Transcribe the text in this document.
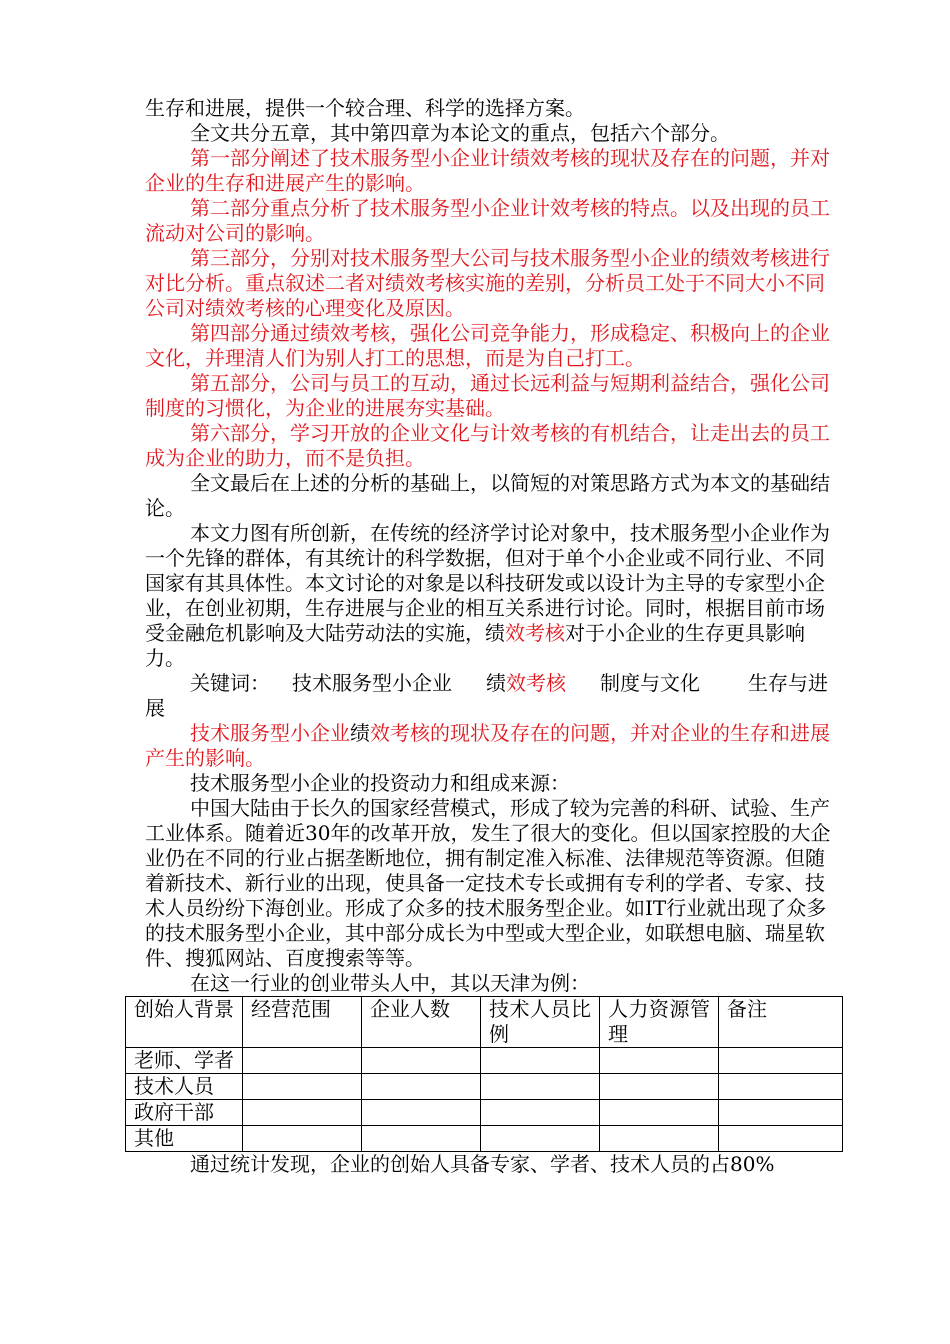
生存和进展，提供一个较合理、科学的选择方案。

全文共分五章，其中第四章为本论文的重点，包括六个部分。

第一部分阐述了技术服务型小企业计绩效考核的现状及存在的问题，并对企业的生存和进展产生的影响。

第二部分重点分析了技术服务型小企业计效考核的特点。以及出现的员工流动对公司的影响。

第三部分，分别对技术服务型大公司与技术服务型小企业的绩效考核进行对比分析。重点叙述二者对绩效考核实施的差别，分析员工处于不同大小不同公司对绩效考核的心理变化及原因。

第四部分通过绩效考核，强化公司竞争能力，形成稳定、积极向上的企业文化，并理清人们为别人打工的思想，而是为自己打工。

第五部分，公司与员工的互动，通过长远利益与短期利益结合，强化公司制度的习惯化，为企业的进展夯实基础。

第六部分，学习开放的企业文化与计效考核的有机结合，让走出去的员工成为企业的助力，而不是负担。

全文最后在上述的分析的基础上，以简短的对策思路方式为本文的基础结论。

本文力图有所创新，在传统的经济学讨论对象中，技术服务型小企业作为一个先锋的群体，有其统计的科学数据，但对于单个小企业或不同行业、不同国家有其具体性。本文讨论的对象是以科技研发或以设计为主导的专家型小企业，在创业初期，生存进展与企业的相互关系进行讨论。同时，根据目前市场受金融危机影响及大陆劳动法的实施，绩效考核对于小企业的生存更具影响力。

关键词： 技术服务型小企业 绩效考核 制度与文化 生存与进展

技术服务型小企业绩效考核的现状及存在的问题，并对企业的生存和进展产生的影响。

技术服务型小企业的投资动力和组成来源：

中国大陆由于长久的国家经营模式，形成了较为完善的科研、试验、生产工业体系。随着近30年的改革开放，发生了很大的变化。但以国家控股的大企业仍在不同的行业占据垄断地位，拥有制定准入标准、法律规范等资源。但随着新技术、新行业的出现，使具备一定技术专长或拥有专利的学者、专家、技术人员纷纷下海创业。形成了众多的技术服务型企业。如IT行业就出现了众多的技术服务型小企业，其中部分成长为中型或大型企业，如联想电脑、瑞星软件、搜狐网站、百度搜索等等。

在这一行业的创业带头人中，其以天津为例：

创始人背景	经营范围	企业人数	技术人员比例	人力资源管理	备注
老师、学者					
技术人员					
政府干部					
其他					

通过统计发现，企业的创始人具备专家、学者、技术人员的占80%
